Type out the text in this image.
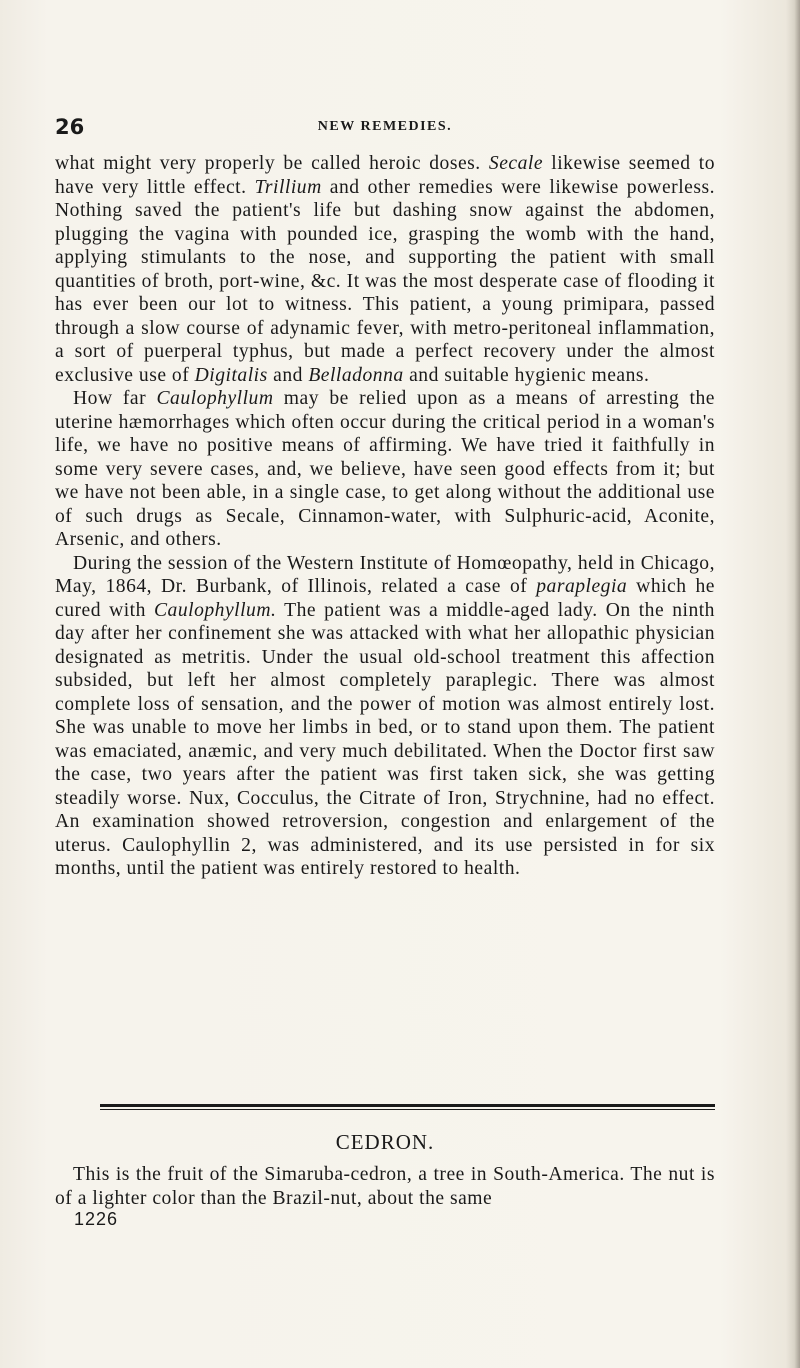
26	NEW REMEDIES.

what might very properly be called heroic doses. Secale likewise seemed to have very little effect. Trillium and other remedies were likewise powerless. Nothing saved the patient's life but dashing snow against the abdomen, plugging the vagina with pounded ice, grasping the womb with the hand, applying stimulants to the nose, and supporting the patient with small quantities of broth, port-wine, &c. It was the most desperate case of flooding it has ever been our lot to witness. This patient, a young primipara, passed through a slow course of adynamic fever, with metro-peritoneal inflammation, a sort of puerperal typhus, but made a perfect recovery under the almost exclusive use of Digitalis and Belladonna and suitable hygienic means.

How far Caulophyllum may be relied upon as a means of arresting the uterine hæmorrhages which often occur during the critical period in a woman's life, we have no positive means of affirming. We have tried it faithfully in some very severe cases, and, we believe, have seen good effects from it; but we have not been able, in a single case, to get along without the additional use of such drugs as Secale, Cinnamon-water, with Sulphuric-acid, Aconite, Arsenic, and others.

During the session of the Western Institute of Homœopathy, held in Chicago, May, 1864, Dr. Burbank, of Illinois, related a case of paraplegia which he cured with Caulophyllum. The patient was a middle-aged lady. On the ninth day after her confinement she was attacked with what her allopathic physician designated as metritis. Under the usual old-school treatment this affection subsided, but left her almost completely paraplegic. There was almost complete loss of sensation, and the power of motion was almost entirely lost. She was unable to move her limbs in bed, or to stand upon them. The patient was emaciated, anæmic, and very much debilitated. When the Doctor first saw the case, two years after the patient was first taken sick, she was getting steadily worse. Nux, Cocculus, the Citrate of Iron, Strychnine, had no effect. An examination showed retroversion, congestion and enlargement of the uterus. Caulophyllin 2, was administered, and its use persisted in for six months, until the patient was entirely restored to health.

CEDRON.

This is the fruit of the Simaruba-cedron, a tree in South-America. The nut is of a lighter color than the Brazil-nut, about the same

1226
